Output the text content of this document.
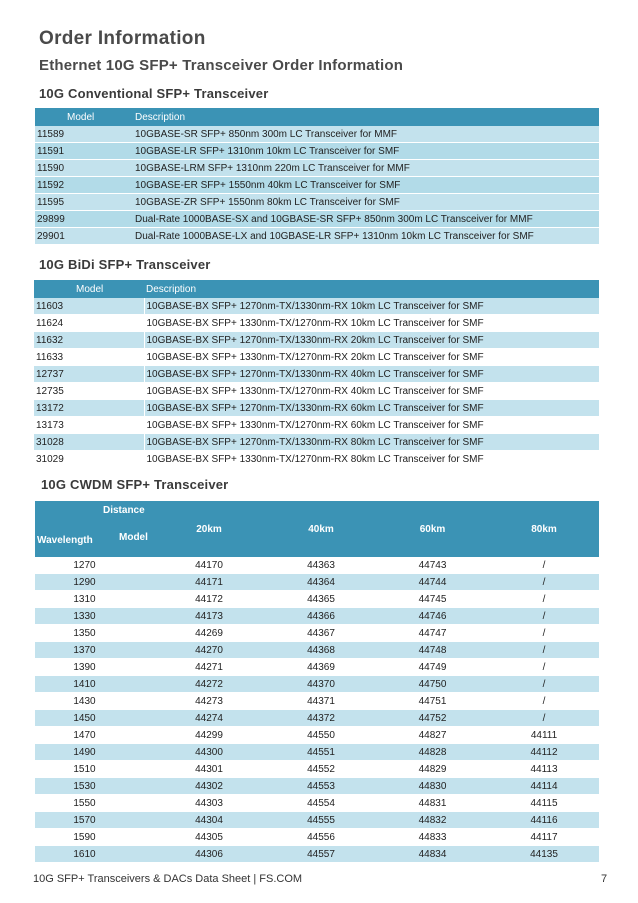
Order Information
Ethernet 10G SFP+ Transceiver Order Information
10G Conventional SFP+ Transceiver
Model	Description
11589	10GBASE-SR SFP+ 850nm 300m LC Transceiver for MMF
11591	10GBASE-LR SFP+ 1310nm 10km LC Transceiver for SMF
11590	10GBASE-LRM SFP+ 1310nm 220m LC Transceiver for MMF
11592	10GBASE-ER SFP+ 1550nm 40km LC Transceiver for SMF
11595	10GBASE-ZR SFP+ 1550nm 80km LC Transceiver for SMF
29899	Dual-Rate 1000BASE-SX and 10GBASE-SR SFP+ 850nm 300m LC Transceiver for MMF
29901	Dual-Rate 1000BASE-LX and 10GBASE-LR SFP+ 1310nm 10km LC Transceiver for SMF
10G BiDi SFP+ Transceiver
Model	Description
11603	10GBASE-BX SFP+ 1270nm-TX/1330nm-RX 10km LC Transceiver for SMF
11624	10GBASE-BX SFP+ 1330nm-TX/1270nm-RX 10km LC Transceiver for SMF
11632	10GBASE-BX SFP+ 1270nm-TX/1330nm-RX 20km LC Transceiver for SMF
11633	10GBASE-BX SFP+ 1330nm-TX/1270nm-RX 20km LC Transceiver for SMF
12737	10GBASE-BX SFP+ 1270nm-TX/1330nm-RX 40km LC Transceiver for SMF
12735	10GBASE-BX SFP+ 1330nm-TX/1270nm-RX 40km LC Transceiver for SMF
13172	10GBASE-BX SFP+ 1270nm-TX/1330nm-RX 60km LC Transceiver for SMF
13173	10GBASE-BX SFP+ 1330nm-TX/1270nm-RX 60km LC Transceiver for SMF
31028	10GBASE-BX SFP+ 1270nm-TX/1330nm-RX 80km LC Transceiver for SMF
31029	10GBASE-BX SFP+ 1330nm-TX/1270nm-RX 80km LC Transceiver for SMF
10G CWDM SFP+ Transceiver
Distance
Wavelength Model	20km	40km	60km	80km
1270	44170	44363	44743	/
1290	44171	44364	44744	/
1310	44172	44365	44745	/
1330	44173	44366	44746	/
1350	44269	44367	44747	/
1370	44270	44368	44748	/
1390	44271	44369	44749	/
1410	44272	44370	44750	/
1430	44273	44371	44751	/
1450	44274	44372	44752	/
1470	44299	44550	44827	44111
1490	44300	44551	44828	44112
1510	44301	44552	44829	44113
1530	44302	44553	44830	44114
1550	44303	44554	44831	44115
1570	44304	44555	44832	44116
1590	44305	44556	44833	44117
1610	44306	44557	44834	44135
10G SFP+ Transceivers & DACs Data Sheet | FS.COM	7
